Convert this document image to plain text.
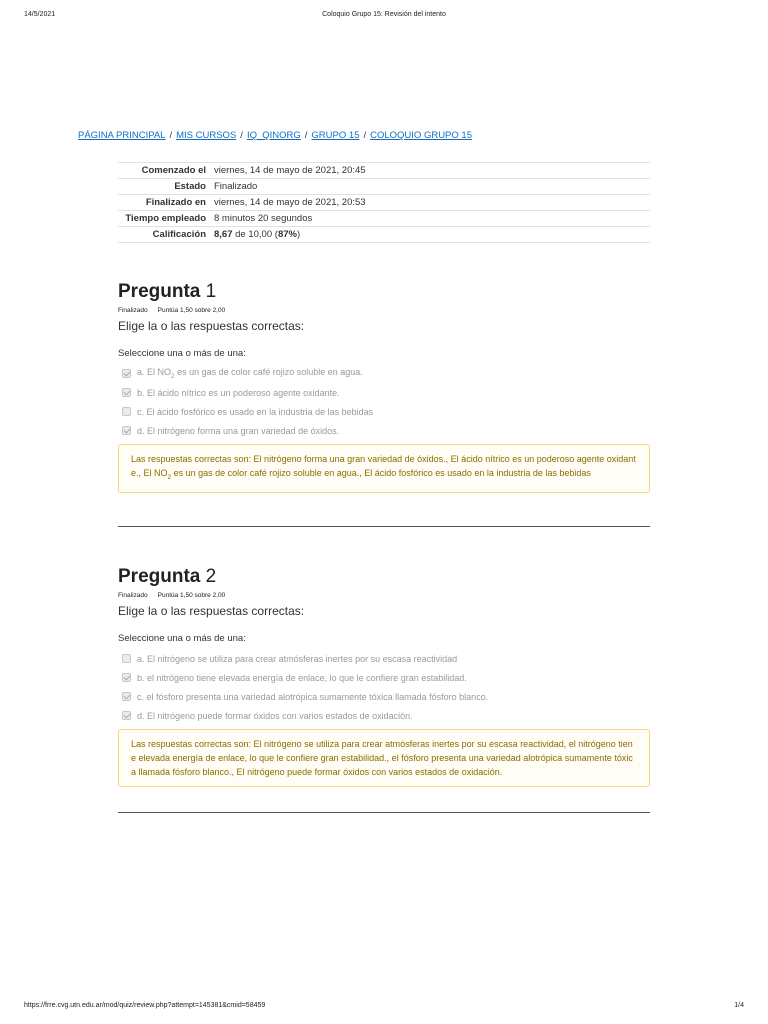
14/5/2021	Coloquio Grupo 15: Revisión del intento
PÁGINA PRINCIPAL / MIS CURSOS / IQ_QINORG / GRUPO 15 / COLOQUIO GRUPO 15
Comenzado el	viernes, 14 de mayo de 2021, 20:45
Estado	Finalizado
Finalizado en	viernes, 14 de mayo de 2021, 20:53
Tiempo empleado	8 minutos 20 segundos
Calificación	8,67 de 10,00 (87%)
Pregunta 1
Finalizado Puntúa 1,50 sobre 2,00
Elige la o las respuestas correctas:
Seleccione una o más de una:
a. El $NO_2$ es un gas de color café rojizo soluble en agua.
b. El ácido nítrico es un poderoso agente oxidante.
c. El ácido fosfórico es usado en la industria de las bebidas
d. El nitrógeno forma una gran variedad de óxidos.
Las respuestas correctas son: El nitrógeno forma una gran variedad de óxidos., El ácido nítrico es un poderoso agente oxidante., El $NO_2$ es un gas de color café rojizo soluble en agua., El ácido fosfórico es usado en la industria de las bebidas
Pregunta 2
Finalizado Puntúa 1,50 sobre 2,00
Elige la o las respuestas correctas:
Seleccione una o más de una:
a. El nitrógeno se utiliza para crear atmósferas inertes por su escasa reactividad
b. el nitrógeno tiene elevada energía de enlace, lo que le confiere gran estabilidad.
c. el fósforo presenta una variedad alotrópica sumamente tóxica llamada fósforo blanco.
d. El nitrógeno puede formar óxidos con varios estados de oxidación.
Las respuestas correctas son: El nitrógeno se utiliza para crear atmósferas inertes por su escasa reactividad, el nitrógeno tiene elevada energía de enlace, lo que le confiere gran estabilidad., el fósforo presenta una variedad alotrópica sumamente tóxica llamada fósforo blanco., El nitrógeno puede formar óxidos con varios estados de oxidación.
https://frre.cvg.utn.edu.ar/mod/quiz/review.php?attempt=145381&cmid=58459	1/4
